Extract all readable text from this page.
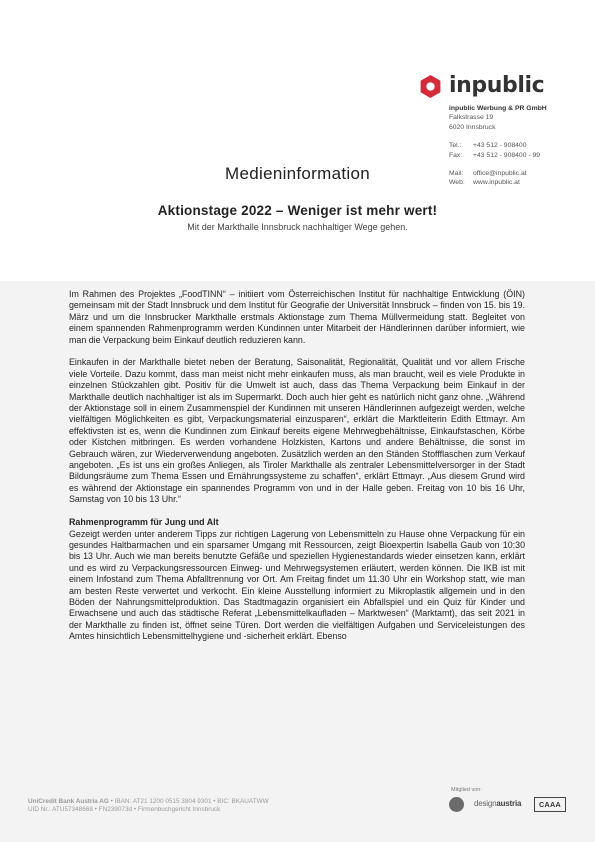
inpublic
inpublic Werbung & PR GmbH
Falkstrasse 19
6020 Innsbruck
Tel.:	+43 512 - 908400
Fax:	+43 512 - 908400 - 99
Mail:	office@inpublic.at
Web:	www.inpublic.at
Medieninformation
Aktionstage 2022 – Weniger ist mehr wert!
Mit der Markthalle Innsbruck nachhaltiger Wege gehen.

Im Rahmen des Projektes „FoodTINN“ – initiiert vom Österreichischen Institut für nachhaltige Entwicklung (ÖIN) gemeinsam mit der Stadt Innsbruck und dem Institut für Geografie der Universität Innsbruck – finden von 15. bis 19. März und um die Innsbrucker Markthalle erstmals Aktionstage zum Thema Müllvermeidung statt. Begleitet von einem spannenden Rahmenprogramm werden Kundinnen unter Mitarbeit der Händlerinnen darüber informiert, wie man die Verpackung beim Einkauf deutlich reduzieren kann.

Einkaufen in der Markthalle bietet neben der Beratung, Saisonalität, Regionalität, Qualität und vor allem Frische viele Vorteile. Dazu kommt, dass man meist nicht mehr einkaufen muss, als man braucht, weil es viele Produkte in einzelnen Stückzahlen gibt. Positiv für die Umwelt ist auch, dass das Thema Verpackung beim Einkauf in der Markthalle deutlich nachhaltiger ist als im Supermarkt. Doch auch hier geht es natürlich nicht ganz ohne. „Während der Aktionstage soll in einem Zusammenspiel der Kundinnen mit unseren Händlerinnen aufgezeigt werden, welche vielfältigen Möglichkeiten es gibt, Verpackungsmaterial einzusparen“, erklärt die Marktleiterin Edith Ettmayr. Am effektivsten ist es, wenn die Kundinnen zum Einkauf bereits eigene Mehrwegbehältnisse, Einkaufstaschen, Körbe oder Kistchen mitbringen. Es werden vorhandene Holzkisten, Kartons und andere Behältnisse, die sonst im Gebrauch wären, zur Wiederverwendung angeboten. Zusätzlich werden an den Ständen Stoffflaschen zum Verkauf angeboten. „Es ist uns ein großes Anliegen, als Tiroler Markthalle als zentraler Lebensmittelversorger in der Stadt Bildungsräume zum Thema Essen und Ernährungssysteme zu schaffen“, erklärt Ettmayr. „Aus diesem Grund wird es während der Aktionstage ein spannendes Programm von und in der Halle geben. Freitag von 10 bis 16 Uhr, Samstag von 10 bis 13 Uhr.“

Rahmenprogramm für Jung und Alt

Gezeigt werden unter anderem Tipps zur richtigen Lagerung von Lebensmitteln zu Hause ohne Verpackung für ein gesundes Haltbarmachen und ein sparsamer Umgang mit Ressourcen, zeigt Bioexpertin Isabella Gaub von 10:30 bis 13 Uhr. Auch wie man bereits benutzte Gefäße und speziellen Hygienestandards wieder einsetzen kann, erklärt und es wird zu Verpackungsressourcen Einweg- und Mehrwegsystemen erläutert, werden können. Die IKB ist mit einem Infostand zum Thema Abfalltrennung vor Ort. Am Freitag findet um 11.30 Uhr ein Workshop statt, wie man am besten Reste verwertet und verkocht. Ein kleine Ausstellung informiert zu Mikroplastik allgemein und in den Böden der Nahrungsmittelproduktion. Das Stadtmagazin organisiert ein Abfallspiel und ein Quiz für Kinder und Erwachsene und auch das städtische Referat „Lebensmittelkaufladen – Marktwesen“ (Marktamt), das seit 2021 in der Markthalle zu finden ist, öffnet seine Türen. Dort werden die vielfältigen Aufgaben und Serviceleistungen des Amtes hinsichtlich Lebensmittelhygiene und -sicherheit erklärt. Ebenso

UniCredit Bank Austria AG • IBAN: AT21 1200 0515 3804 9301 • BIC: BKAUATWW
UID Nr.: ATU57348668 • FN239073d • Firmenbuchgericht Innsbruck
Mitglied von:
designaustria	CAAA
